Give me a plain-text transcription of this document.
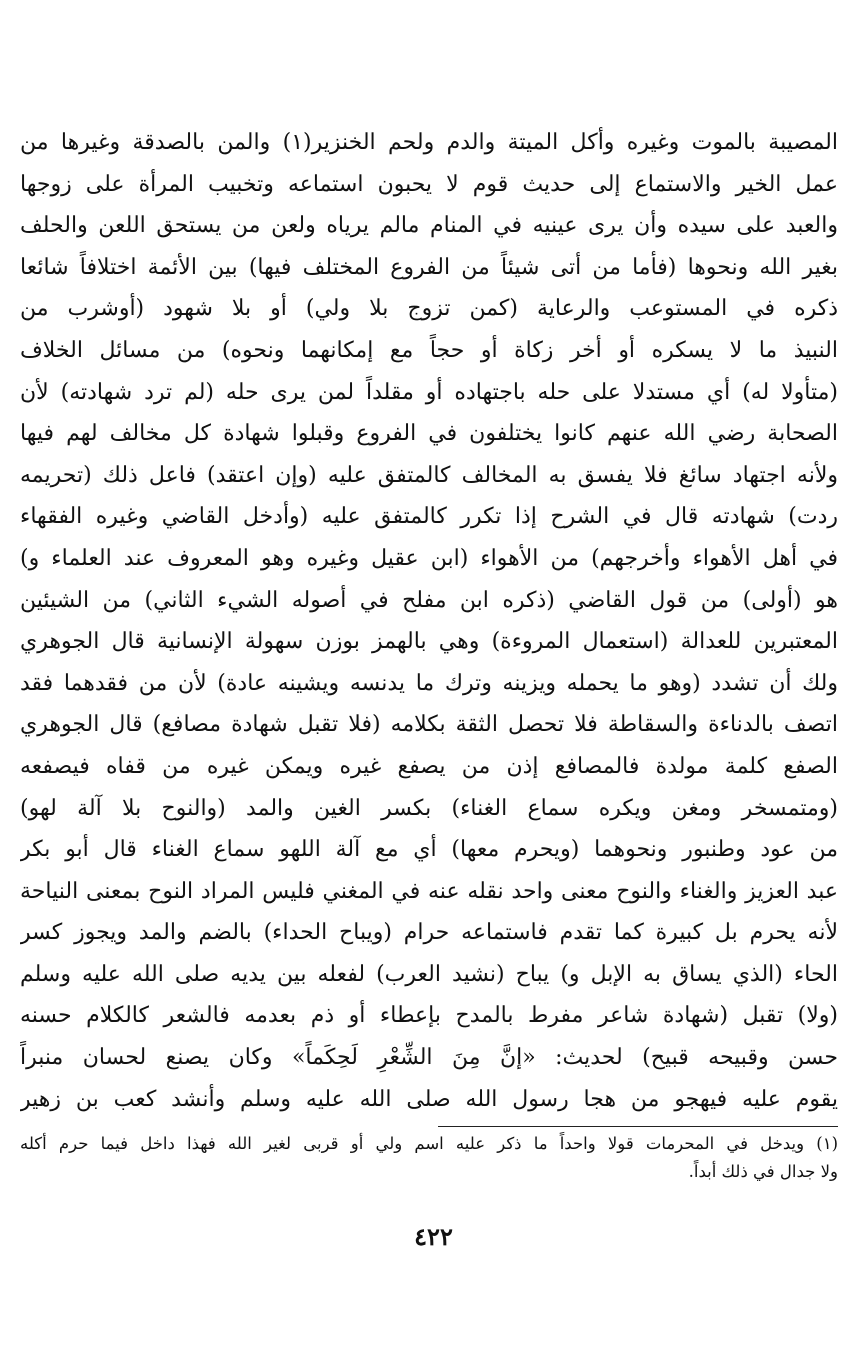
المصيبة بالموت وغيره وأكل الميتة والدم ولحم الخنزير(١) والمن بالصدقة وغيرها من
عمل الخير والاستماع إلى حديث قوم لا يحبون استماعه وتخبيب المرأة على زوجها
والعبد على سيده وأن يرى عينيه في المنام مالم يرياه ولعن من يستحق اللعن والحلف
بغير الله ونحوها (فأما من أتى شيئاً من الفروع المختلف فيها) بين الأئمة اختلافاً شائعا
ذكره في المستوعب والرعاية (كمن تزوج بلا ولي) أو بلا شهود (أوشرب من
النبيذ ما لا يسكره أو أخر زكاة أو حجاً مع إمكانهما ونحوه) من مسائل الخلاف
(متأولا له) أي مستدلا على حله باجتهاده أو مقلداً لمن يرى حله (لم ترد شهادته) لأن
الصحابة رضي الله عنهم كانوا يختلفون في الفروع وقبلوا شهادة كل مخالف لهم فيها
ولأنه اجتهاد سائغ فلا يفسق به المخالف كالمتفق عليه (وإن اعتقد) فاعل ذلك (تحريمه
ردت) شهادته قال في الشرح إذا تكرر كالمتفق عليه (وأدخل القاضي وغيره الفقهاء
في أهل الأهواء وأخرجهم) من الأهواء (ابن عقيل وغيره وهو المعروف عند العلماء و)
هو (أولى) من قول القاضي (ذكره ابن مفلح في أصوله الشيء الثاني) من الشيئين
المعتبرين للعدالة (استعمال المروءة) وهي بالهمز بوزن سهولة الإنسانية قال الجوهري
ولك أن تشدد (وهو ما يحمله ويزينه وترك ما يدنسه ويشينه عادة) لأن من فقدهما فقد
اتصف بالدناءة والسقاطة فلا تحصل الثقة بكلامه (فلا تقبل شهادة مصافع) قال الجوهري
الصفع كلمة مولدة فالمصافع إذن من يصفع غيره ويمكن غيره من قفاه فيصفعه
(ومتمسخر ومغن ويكره سماع الغناء) بكسر الغين والمد (والنوح بلا آلة لهو)
من عود وطنبور ونحوهما (ويحرم معها) أي مع آلة اللهو سماع الغناء قال أبو بكر
عبد العزيز والغناء والنوح معنى واحد نقله عنه في المغني فليس المراد النوح بمعنى النياحة
لأنه يحرم بل كبيرة كما تقدم فاستماعه حرام (ويباح الحداء) بالضم والمد ويجوز كسر
الحاء (الذي يساق به الإبل و) يباح (نشيد العرب) لفعله بين يديه صلى الله عليه وسلم
(ولا) تقبل (شهادة شاعر مفرط بالمدح بإعطاء أو ذم بعدمه فالشعر كالكلام حسنه
حسن وقبيحه قبيح) لحديث: «إنَّ مِنَ الشِّعْرِ لَحِكَماً» وكان يصنع لحسان منبراً
يقوم عليه فيهجو من هجا رسول الله صلى الله عليه وسلم وأنشد كعب بن زهير
(١) ويدخل في المحرمات قولا واحداً ما ذكر عليه اسم ولي أو قربى لغير الله فهذا داخل فيما حرم أكله
ولا جدال في ذلك أبداً.
٤٢٢
